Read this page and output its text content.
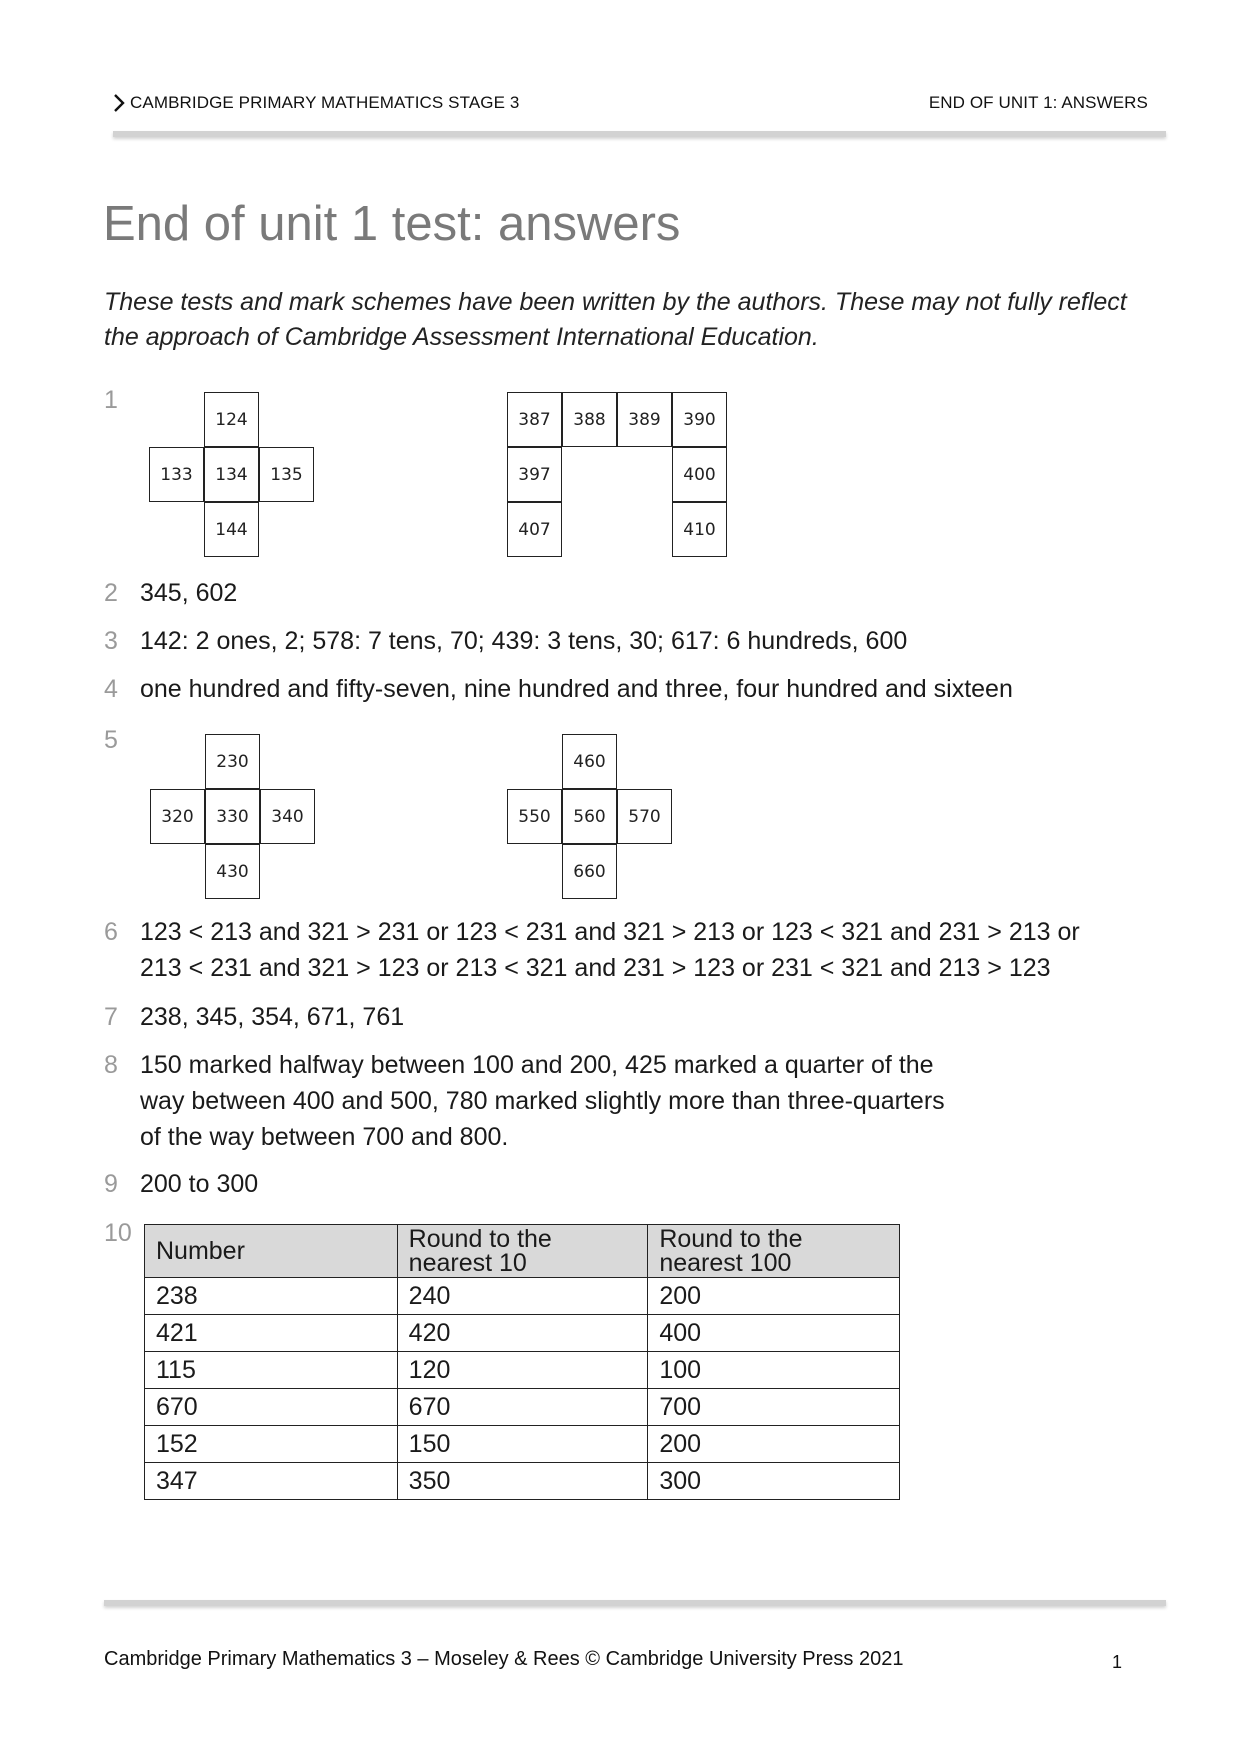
CAMBRIDGE PRIMARY MATHEMATICS STAGE 3	END OF UNIT 1: ANSWERS
End of unit 1 test: answers
These tests and mark schemes have been written by the authors. These may not fully reflect the approach of Cambridge Assessment International Education.
1
124
133	134	135
144
387	388	389	390
397	400
407	410
2 345, 602
3 142: 2 ones, 2; 578: 7 tens, 70; 439: 3 tens, 30; 617: 6 hundreds, 600
4 one hundred and fifty-seven, nine hundred and three, four hundred and sixteen
5
230
320	330	340
430
460
550	560	570
660
6 123 < 213 and 321 > 231 or 123 < 231 and 321 > 213 or 123 < 321 and 231 > 213 or
213 < 231 and 321 > 123 or 213 < 321 and 231 > 123 or 231 < 321 and 213 > 123
7 238, 345, 354, 671, 761
8 150 marked halfway between 100 and 200, 425 marked a quarter of the
way between 400 and 500, 780 marked slightly more than three-quarters
of the way between 700 and 800.
9 200 to 300
10
Number	Round to the nearest 10	Round to the nearest 100
238	240	200
421	420	400
115	120	100
670	670	700
152	150	200
347	350	300
Cambridge Primary Mathematics 3 – Moseley & Rees © Cambridge University Press 2021	1
